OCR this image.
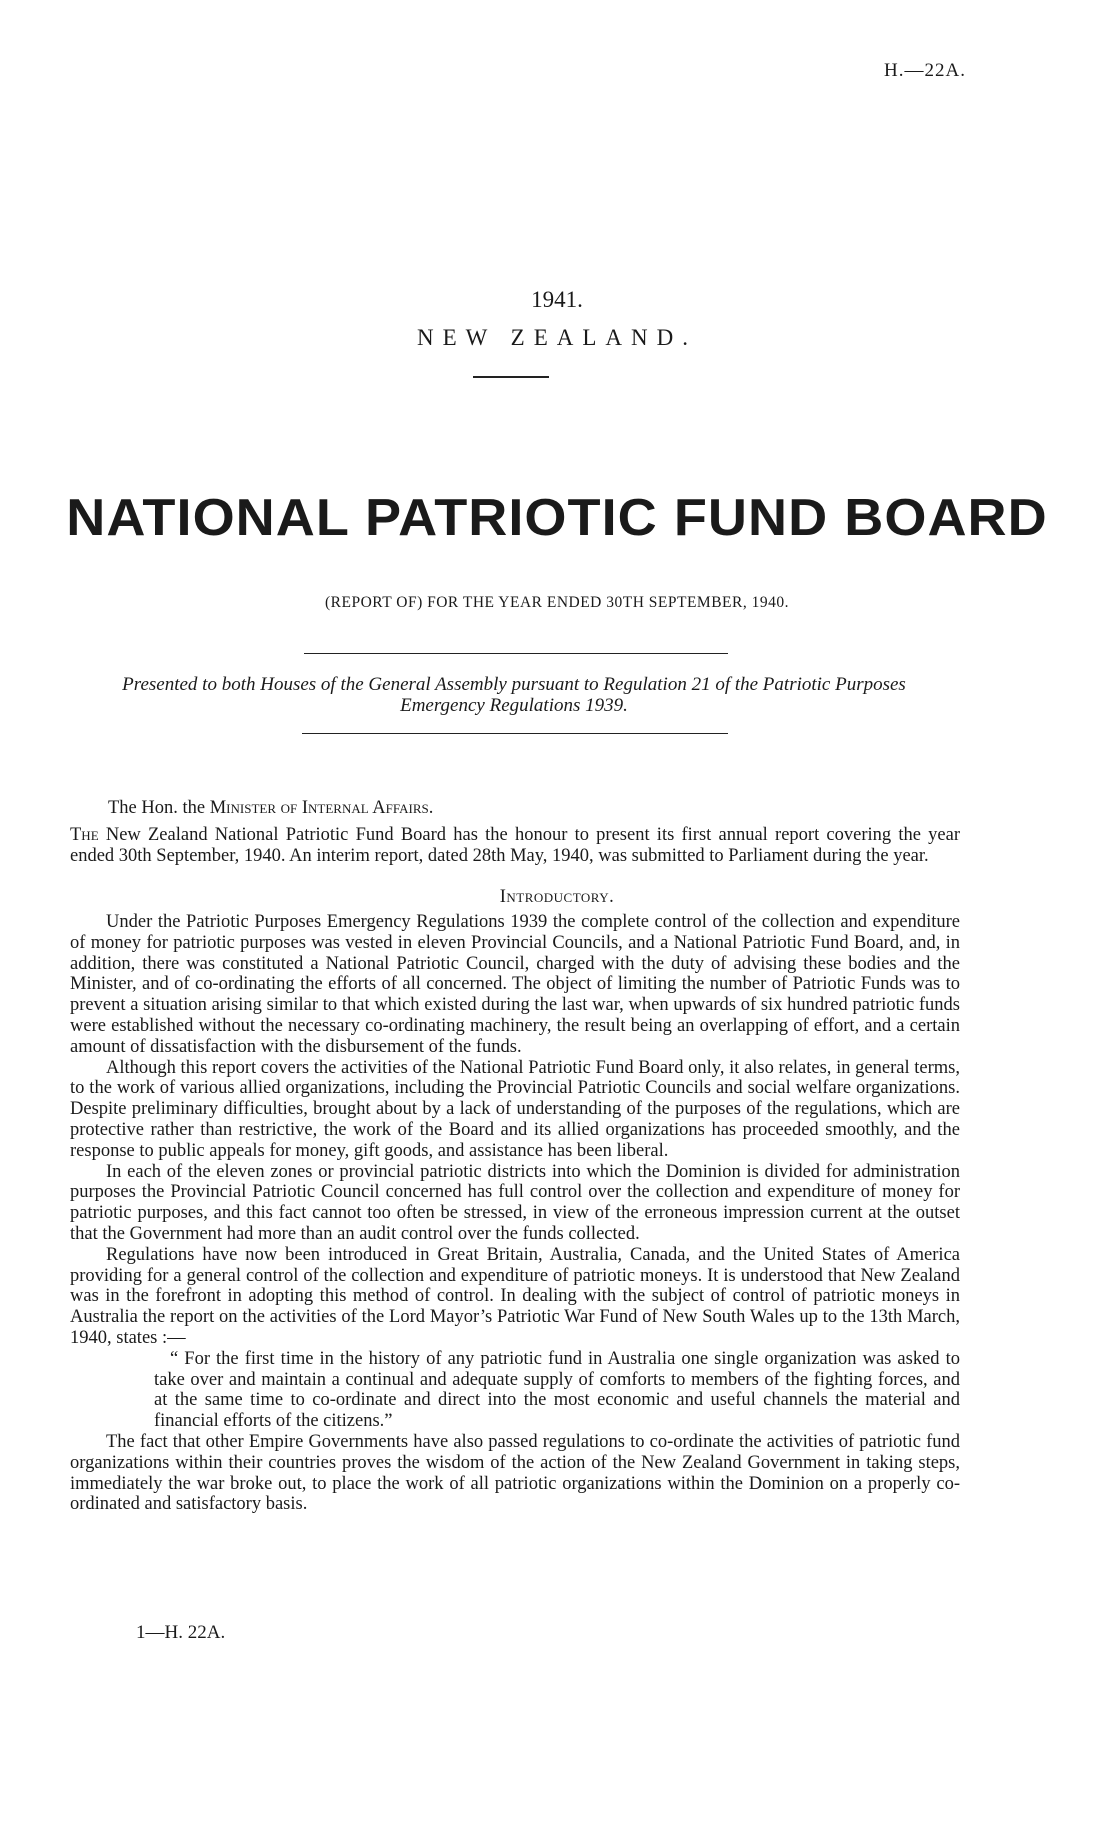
H.—22A.
1941.
NEW ZEALAND.
NATIONAL PATRIOTIC FUND BOARD
(REPORT OF) FOR THE YEAR ENDED 30TH SEPTEMBER, 1940.
Presented to both Houses of the General Assembly pursuant to Regulation 21 of the Patriotic Purposes
Emergency Regulations 1939.
The Hon. the Minister of Internal Affairs.

The New Zealand National Patriotic Fund Board has the honour to present its first annual report covering the year ended 30th September, 1940. An interim report, dated 28th May, 1940, was submitted to Parliament during the year.

Introductory.

Under the Patriotic Purposes Emergency Regulations 1939 the complete control of the collection and expenditure of money for patriotic purposes was vested in eleven Provincial Councils, and a National Patriotic Fund Board, and, in addition, there was constituted a National Patriotic Council, charged with the duty of advising these bodies and the Minister, and of co-ordinating the efforts of all concerned. The object of limiting the number of Patriotic Funds was to prevent a situation arising similar to that which existed during the last war, when upwards of six hundred patriotic funds were established without the necessary co-ordinating machinery, the result being an overlapping of effort, and a certain amount of dissatisfaction with the disbursement of the funds.

Although this report covers the activities of the National Patriotic Fund Board only, it also relates, in general terms, to the work of various allied organizations, including the Provincial Patriotic Councils and social welfare organizations. Despite preliminary difficulties, brought about by a lack of understanding of the purposes of the regulations, which are protective rather than restrictive, the work of the Board and its allied organizations has proceeded smoothly, and the response to public appeals for money, gift goods, and assistance has been liberal.

In each of the eleven zones or provincial patriotic districts into which the Dominion is divided for administration purposes the Provincial Patriotic Council concerned has full control over the collection and expenditure of money for patriotic purposes, and this fact cannot too often be stressed, in view of the erroneous impression current at the outset that the Government had more than an audit control over the funds collected.

Regulations have now been introduced in Great Britain, Australia, Canada, and the United States of America providing for a general control of the collection and expenditure of patriotic moneys. It is understood that New Zealand was in the forefront in adopting this method of control. In dealing with the subject of control of patriotic moneys in Australia the report on the activities of the Lord Mayor’s Patriotic War Fund of New South Wales up to the 13th March, 1940, states :—

“ For the first time in the history of any patriotic fund in Australia one single organization was asked to take over and maintain a continual and adequate supply of comforts to members of the fighting forces, and at the same time to co-ordinate and direct into the most economic and useful channels the material and financial efforts of the citizens.”

The fact that other Empire Governments have also passed regulations to co-ordinate the activities of patriotic fund organizations within their countries proves the wisdom of the action of the New Zealand Government in taking steps, immediately the war broke out, to place the work of all patriotic organizations within the Dominion on a properly co-ordinated and satisfactory basis.

1—H. 22A.
